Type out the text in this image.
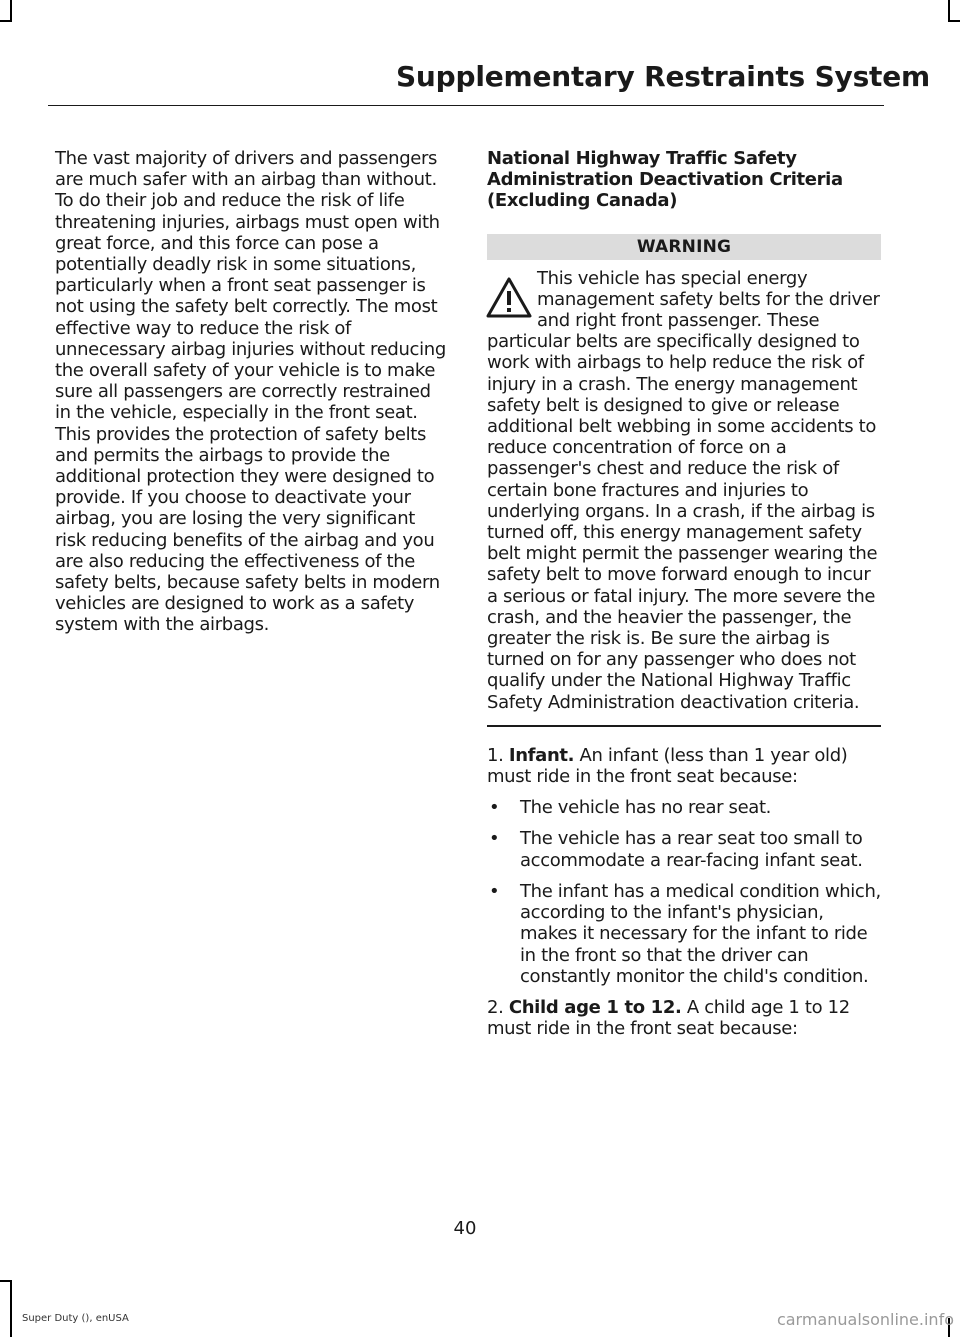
Supplementary Restraints System

The vast majority of drivers and passengers are much safer with an airbag than without. To do their job and reduce the risk of life threatening injuries, airbags must open with great force, and this force can pose a potentially deadly risk in some situations, particularly when a front seat passenger is not using the safety belt correctly. The most effective way to reduce the risk of unnecessary airbag injuries without reducing the overall safety of your vehicle is to make sure all passengers are correctly restrained in the vehicle, especially in the front seat. This provides the protection of safety belts and permits the airbags to provide the additional protection they were designed to provide. If you choose to deactivate your airbag, you are losing the very significant risk reducing benefits of the airbag and you are also reducing the effectiveness of the safety belts, because safety belts in modern vehicles are designed to work as a safety system with the airbags.

National Highway Traffic Safety Administration Deactivation Criteria (Excluding Canada)
WARNING

This vehicle has special energy management safety belts for the driver and right front passenger. These particular belts are specifically designed to work with airbags to help reduce the risk of injury in a crash. The energy management safety belt is designed to give or release additional belt webbing in some accidents to reduce concentration of force on a passenger's chest and reduce the risk of certain bone fractures and injuries to underlying organs. In a crash, if the airbag is turned off, this energy management safety belt might permit the passenger wearing the safety belt to move forward enough to incur a serious or fatal injury. The more severe the crash, and the heavier the passenger, the greater the risk is. Be sure the airbag is turned on for any passenger who does not qualify under the National Highway Traffic Safety Administration deactivation criteria.

1. Infant. An infant (less than 1 year old) must ride in the front seat because:

• The vehicle has no rear seat.
• The vehicle has a rear seat too small to accommodate a rear-facing infant seat.
• The infant has a medical condition which, according to the infant's physician, makes it necessary for the infant to ride in the front so that the driver can constantly monitor the child's condition.

2. Child age 1 to 12. A child age 1 to 12 must ride in the front seat because:

40
Super Duty (), enUSA	carmanualsonline.info
